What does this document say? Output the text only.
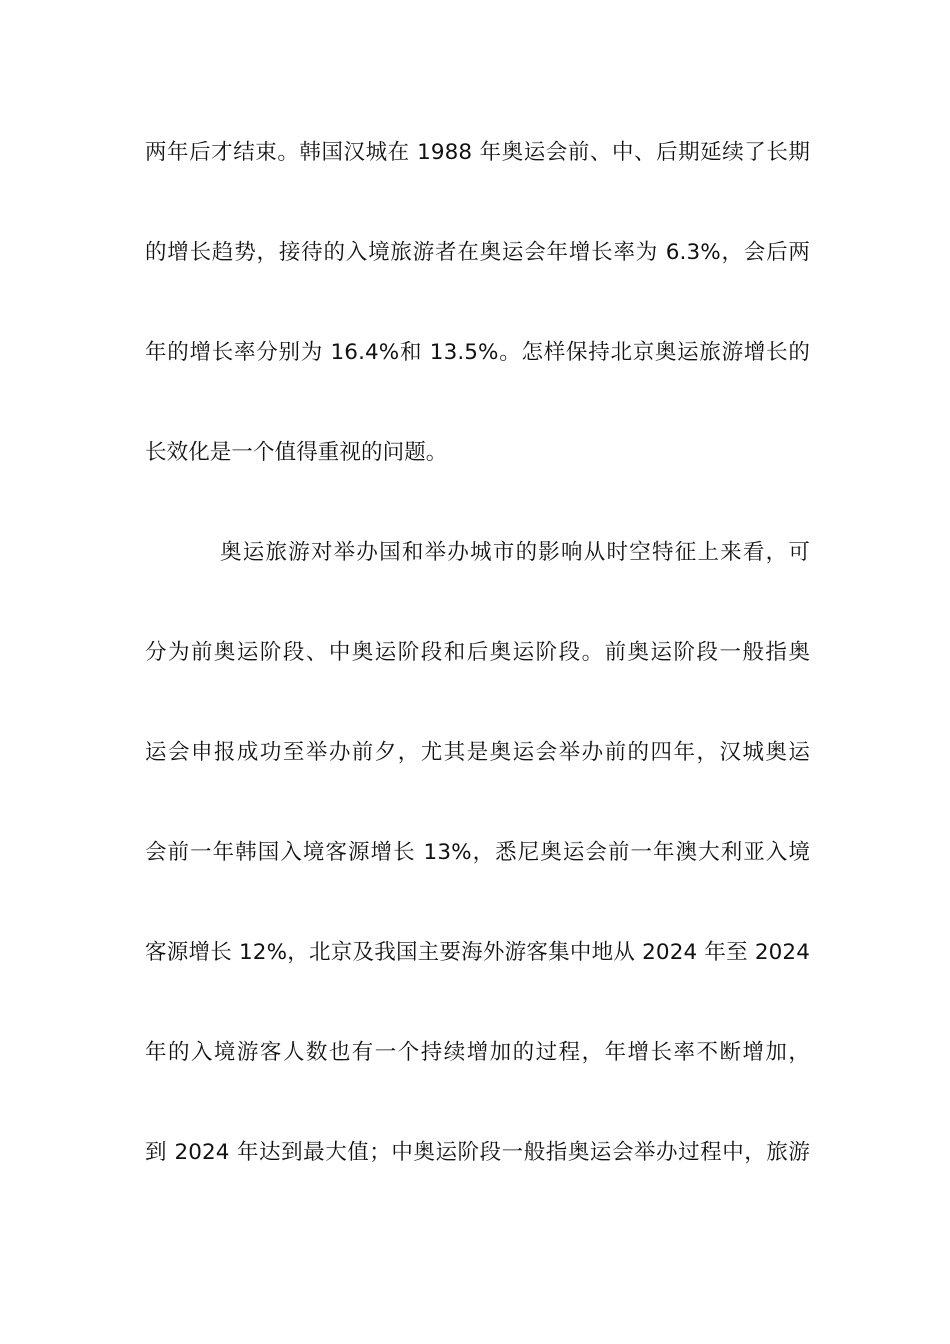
两年后才结束。韩国汉城在 1988 年奥运会前、中、后期延续了长期
的增长趋势，接待的入境旅游者在奥运会年增长率为 6.3%，会后两
年的增长率分别为 16.4%和 13.5%。怎样保持北京奥运旅游增长的
长效化是一个值得重视的问题。
奥运旅游对举办国和举办城市的影响从时空特征上来看，可
分为前奥运阶段、中奥运阶段和后奥运阶段。前奥运阶段一般指奥
运会申报成功至举办前夕，尤其是奥运会举办前的四年，汉城奥运
会前一年韩国入境客源增长 13%，悉尼奥运会前一年澳大利亚入境
客源增长 12%，北京及我国主要海外游客集中地从 2024 年至 2024
年的入境游客人数也有一个持续增加的过程，年增长率不断增加，
到 2024 年达到最大值；中奥运阶段一般指奥运会举办过程中，旅游
